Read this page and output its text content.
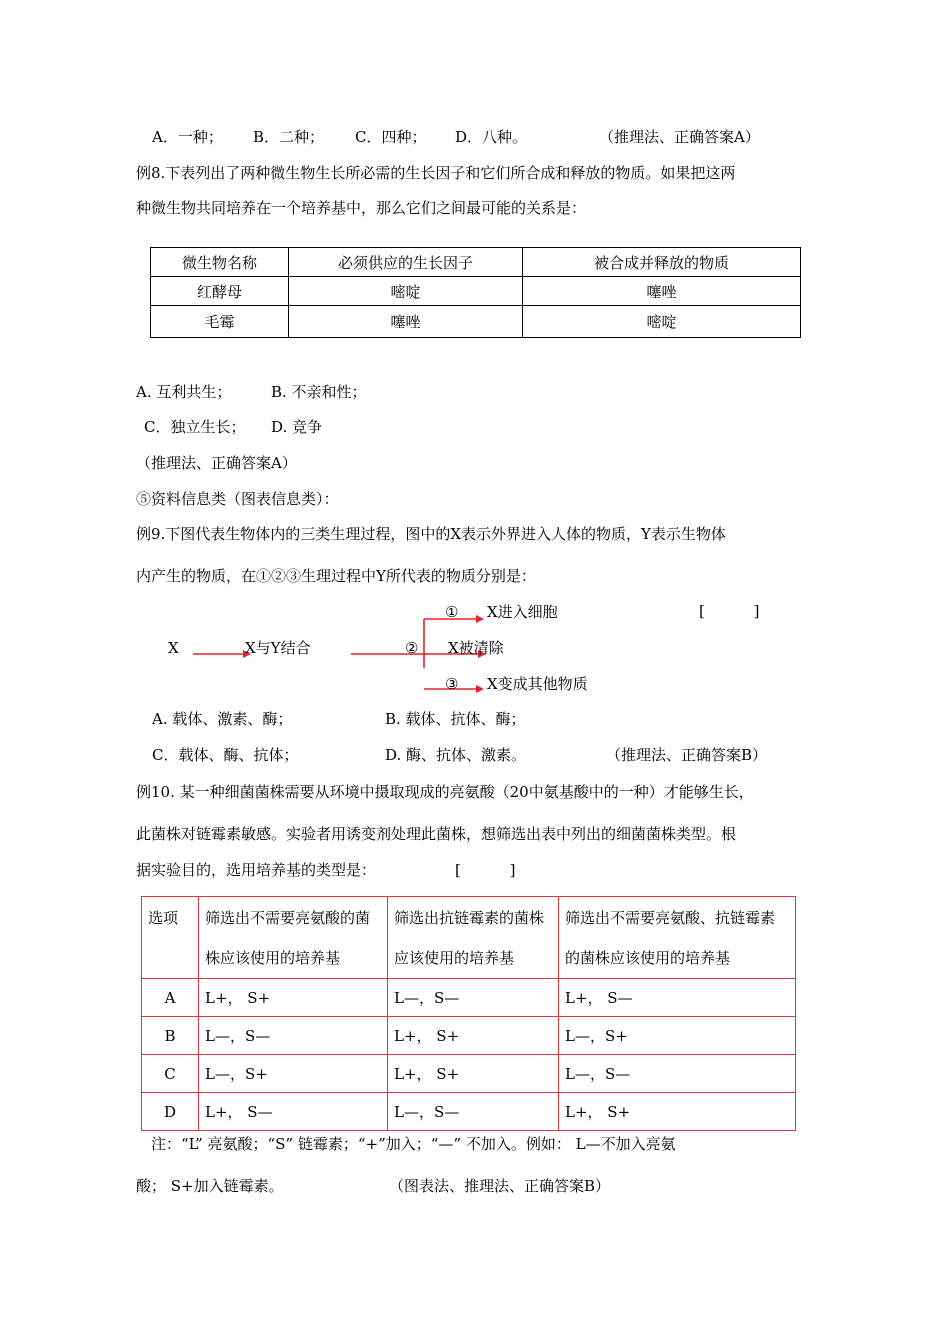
A．一种； B．二种； C．四种； D．八种。	（推理法、正确答案A）
例8.下表列出了两种微生物生长所必需的生长因子和它们所合成和释放的物质。如果把这两
种微生物共同培养在一个培养基中，那么它们之间最可能的关系是：
微生物名称	必须供应的生长因子	被合成并释放的物质
红酵母	嘧啶	噻唑
毛霉	噻唑	嘧啶
A. 互利共生；	B. 不亲和性；
C．独立生长； D. 竞争
（推理法、正确答案A）
⑤资料信息类（图表信息类）：
例9.下图代表生物体内的三类生理过程，图中的X表示外界进入人体的物质，Y表示生物体
内产生的物质，在①②③生理过程中Y所代表的物质分别是：
[ ]
X	X与Y结合
① X进入细胞
② X被清除
③ X变成其他物质
A. 载体、激素、酶；	B. 载体、抗体、酶；
C．载体、酶、抗体；	D. 酶、抗体、激素。	（推理法、正确答案B）
例10. 某一种细菌菌株需要从环境中摄取现成的亮氨酸（20中氨基酸中的一种）才能够生长，
此菌株对链霉素敏感。实验者用诱变剂处理此菌株，想筛选出表中列出的细菌菌株类型。根
据实验目的，选用培养基的类型是：	[ ]
选项	筛选出不需要亮氨酸的菌株应该使用的培养基	筛选出抗链霉素的菌株应该使用的培养基	筛选出不需要亮氨酸、抗链霉素的菌株应该使用的培养基
A	L+， S+	L—，S—	L+， S—
B	L—，S—	L+， S+	L—，S+
C	L—，S+	L+， S+	L—，S—
D	L+， S—	L—，S—	L+， S+
注：“L” 亮氨酸；“S” 链霉素；“+”加入；“—” 不加入。例如： L—不加入亮氨
酸； S+加入链霉素。	（图表法、推理法、正确答案B）
